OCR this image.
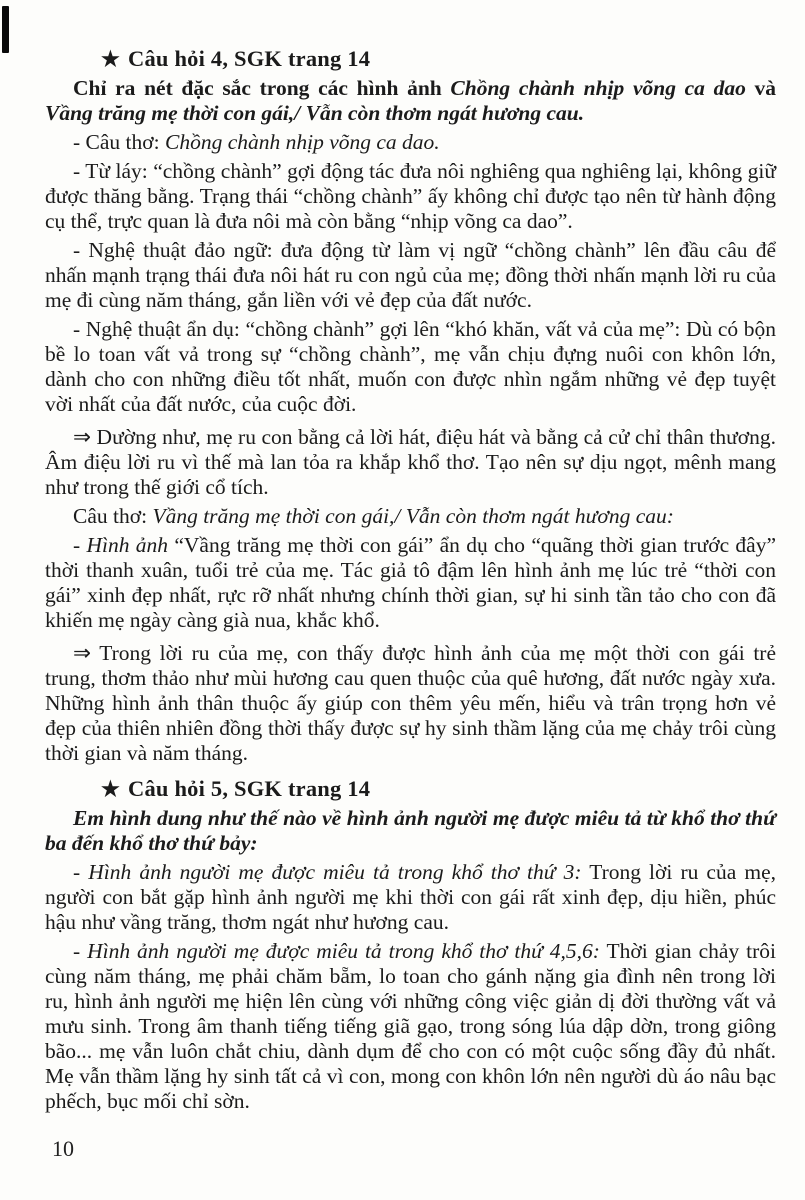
★ Câu hỏi 4, SGK trang 14

Chỉ ra nét đặc sắc trong các hình ảnh Chồng chành nhịp võng ca dao và Vầng trăng mẹ thời con gái,/ Vẫn còn thơm ngát hương cau.

- Câu thơ: Chồng chành nhịp võng ca dao.

- Từ láy: “chồng chành” gợi động tác đưa nôi nghiêng qua nghiêng lại, không giữ được thăng bằng. Trạng thái “chồng chành” ấy không chỉ được tạo nên từ hành động cụ thể, trực quan là đưa nôi mà còn bằng “nhịp võng ca dao”.

- Nghệ thuật đảo ngữ: đưa động từ làm vị ngữ “chồng chành” lên đầu câu để nhấn mạnh trạng thái đưa nôi hát ru con ngủ của mẹ; đồng thời nhấn mạnh lời ru của mẹ đi cùng năm tháng, gắn liền với vẻ đẹp của đất nước.

- Nghệ thuật ẩn dụ: “chồng chành” gợi lên “khó khăn, vất vả của mẹ”: Dù có bộn bề lo toan vất vả trong sự “chồng chành”, mẹ vẫn chịu đựng nuôi con khôn lớn, dành cho con những điều tốt nhất, muốn con được nhìn ngắm những vẻ đẹp tuyệt vời nhất của đất nước, của cuộc đời.

⇒ Dường như, mẹ ru con bằng cả lời hát, điệu hát và bằng cả cử chỉ thân thương. Âm điệu lời ru vì thế mà lan tỏa ra khắp khổ thơ. Tạo nên sự dịu ngọt, mênh mang như trong thế giới cổ tích.

Câu thơ: Vầng trăng mẹ thời con gái,/ Vẫn còn thơm ngát hương cau:

- Hình ảnh “Vầng trăng mẹ thời con gái” ẩn dụ cho “quãng thời gian trước đây” thời thanh xuân, tuổi trẻ của mẹ. Tác giả tô đậm lên hình ảnh mẹ lúc trẻ “thời con gái” xinh đẹp nhất, rực rỡ nhất nhưng chính thời gian, sự hi sinh tần tảo cho con đã khiến mẹ ngày càng già nua, khắc khổ.

⇒ Trong lời ru của mẹ, con thấy được hình ảnh của mẹ một thời con gái trẻ trung, thơm thảo như mùi hương cau quen thuộc của quê hương, đất nước ngày xưa. Những hình ảnh thân thuộc ấy giúp con thêm yêu mến, hiểu và trân trọng hơn vẻ đẹp của thiên nhiên đồng thời thấy được sự hy sinh thầm lặng của mẹ chảy trôi cùng thời gian và năm tháng.

★ Câu hỏi 5, SGK trang 14

Em hình dung như thế nào về hình ảnh người mẹ được miêu tả từ khổ thơ thứ ba đến khổ thơ thứ bảy:

- Hình ảnh người mẹ được miêu tả trong khổ thơ thứ 3: Trong lời ru của mẹ, người con bắt gặp hình ảnh người mẹ khi thời con gái rất xinh đẹp, dịu hiền, phúc hậu như vầng trăng, thơm ngát như hương cau.

- Hình ảnh người mẹ được miêu tả trong khổ thơ thứ 4,5,6: Thời gian chảy trôi cùng năm tháng, mẹ phải chăm bẵm, lo toan cho gánh nặng gia đình nên trong lời ru, hình ảnh người mẹ hiện lên cùng với những công việc giản dị đời thường vất vả mưu sinh. Trong âm thanh tiếng tiếng giã gạo, trong sóng lúa dập dờn, trong giông bão... mẹ vẫn luôn chắt chiu, dành dụm để cho con có một cuộc sống đầy đủ nhất. Mẹ vẫn thầm lặng hy sinh tất cả vì con, mong con khôn lớn nên người dù áo nâu bạc phếch, bục mối chỉ sờn.

10
